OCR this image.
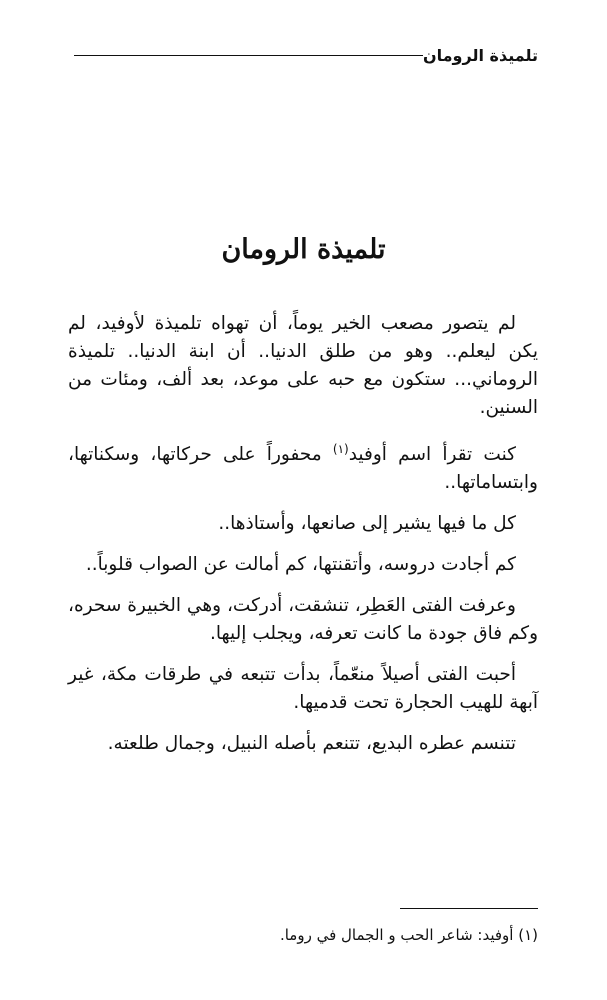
تلميذة الرومان
تلميذة الرومان

لم يتصور مصعب الخير يوماً، أن تهواه تلميذة لأوفيد، لم يكن ليعلم.. وهو من طلق الدنيا.. أن ابنة الدنيا.. تلميذة الروماني... ستكون مع حبه على موعد، بعد ألف، ومئات من السنين.

كنت تقرأ اسم أوفيد$^{(١)}$ محفوراً على حركاتها، وسكناتها، وابتساماتها..

كل ما فيها يشير إلى صانعها، وأستاذها..

كم أجادت دروسه، وأتقنتها، كم أمالت عن الصواب قلوباً..

وعرفت الفتى العَطِر، تنشقت، أدركت، وهي الخبيرة سحره، وكم فاق جودة ما كانت تعرفه، ويجلب إليها.

أحبت الفتى أصيلاً منعّماً، بدأت تتبعه في طرقات مكة، غير آبهة للهيب الحجارة تحت قدميها.

تتنسم عطره البديع، تتنعم بأصله النبيل، وجمال طلعته.

(١) أوفيد: شاعر الحب و الجمال في روما.
